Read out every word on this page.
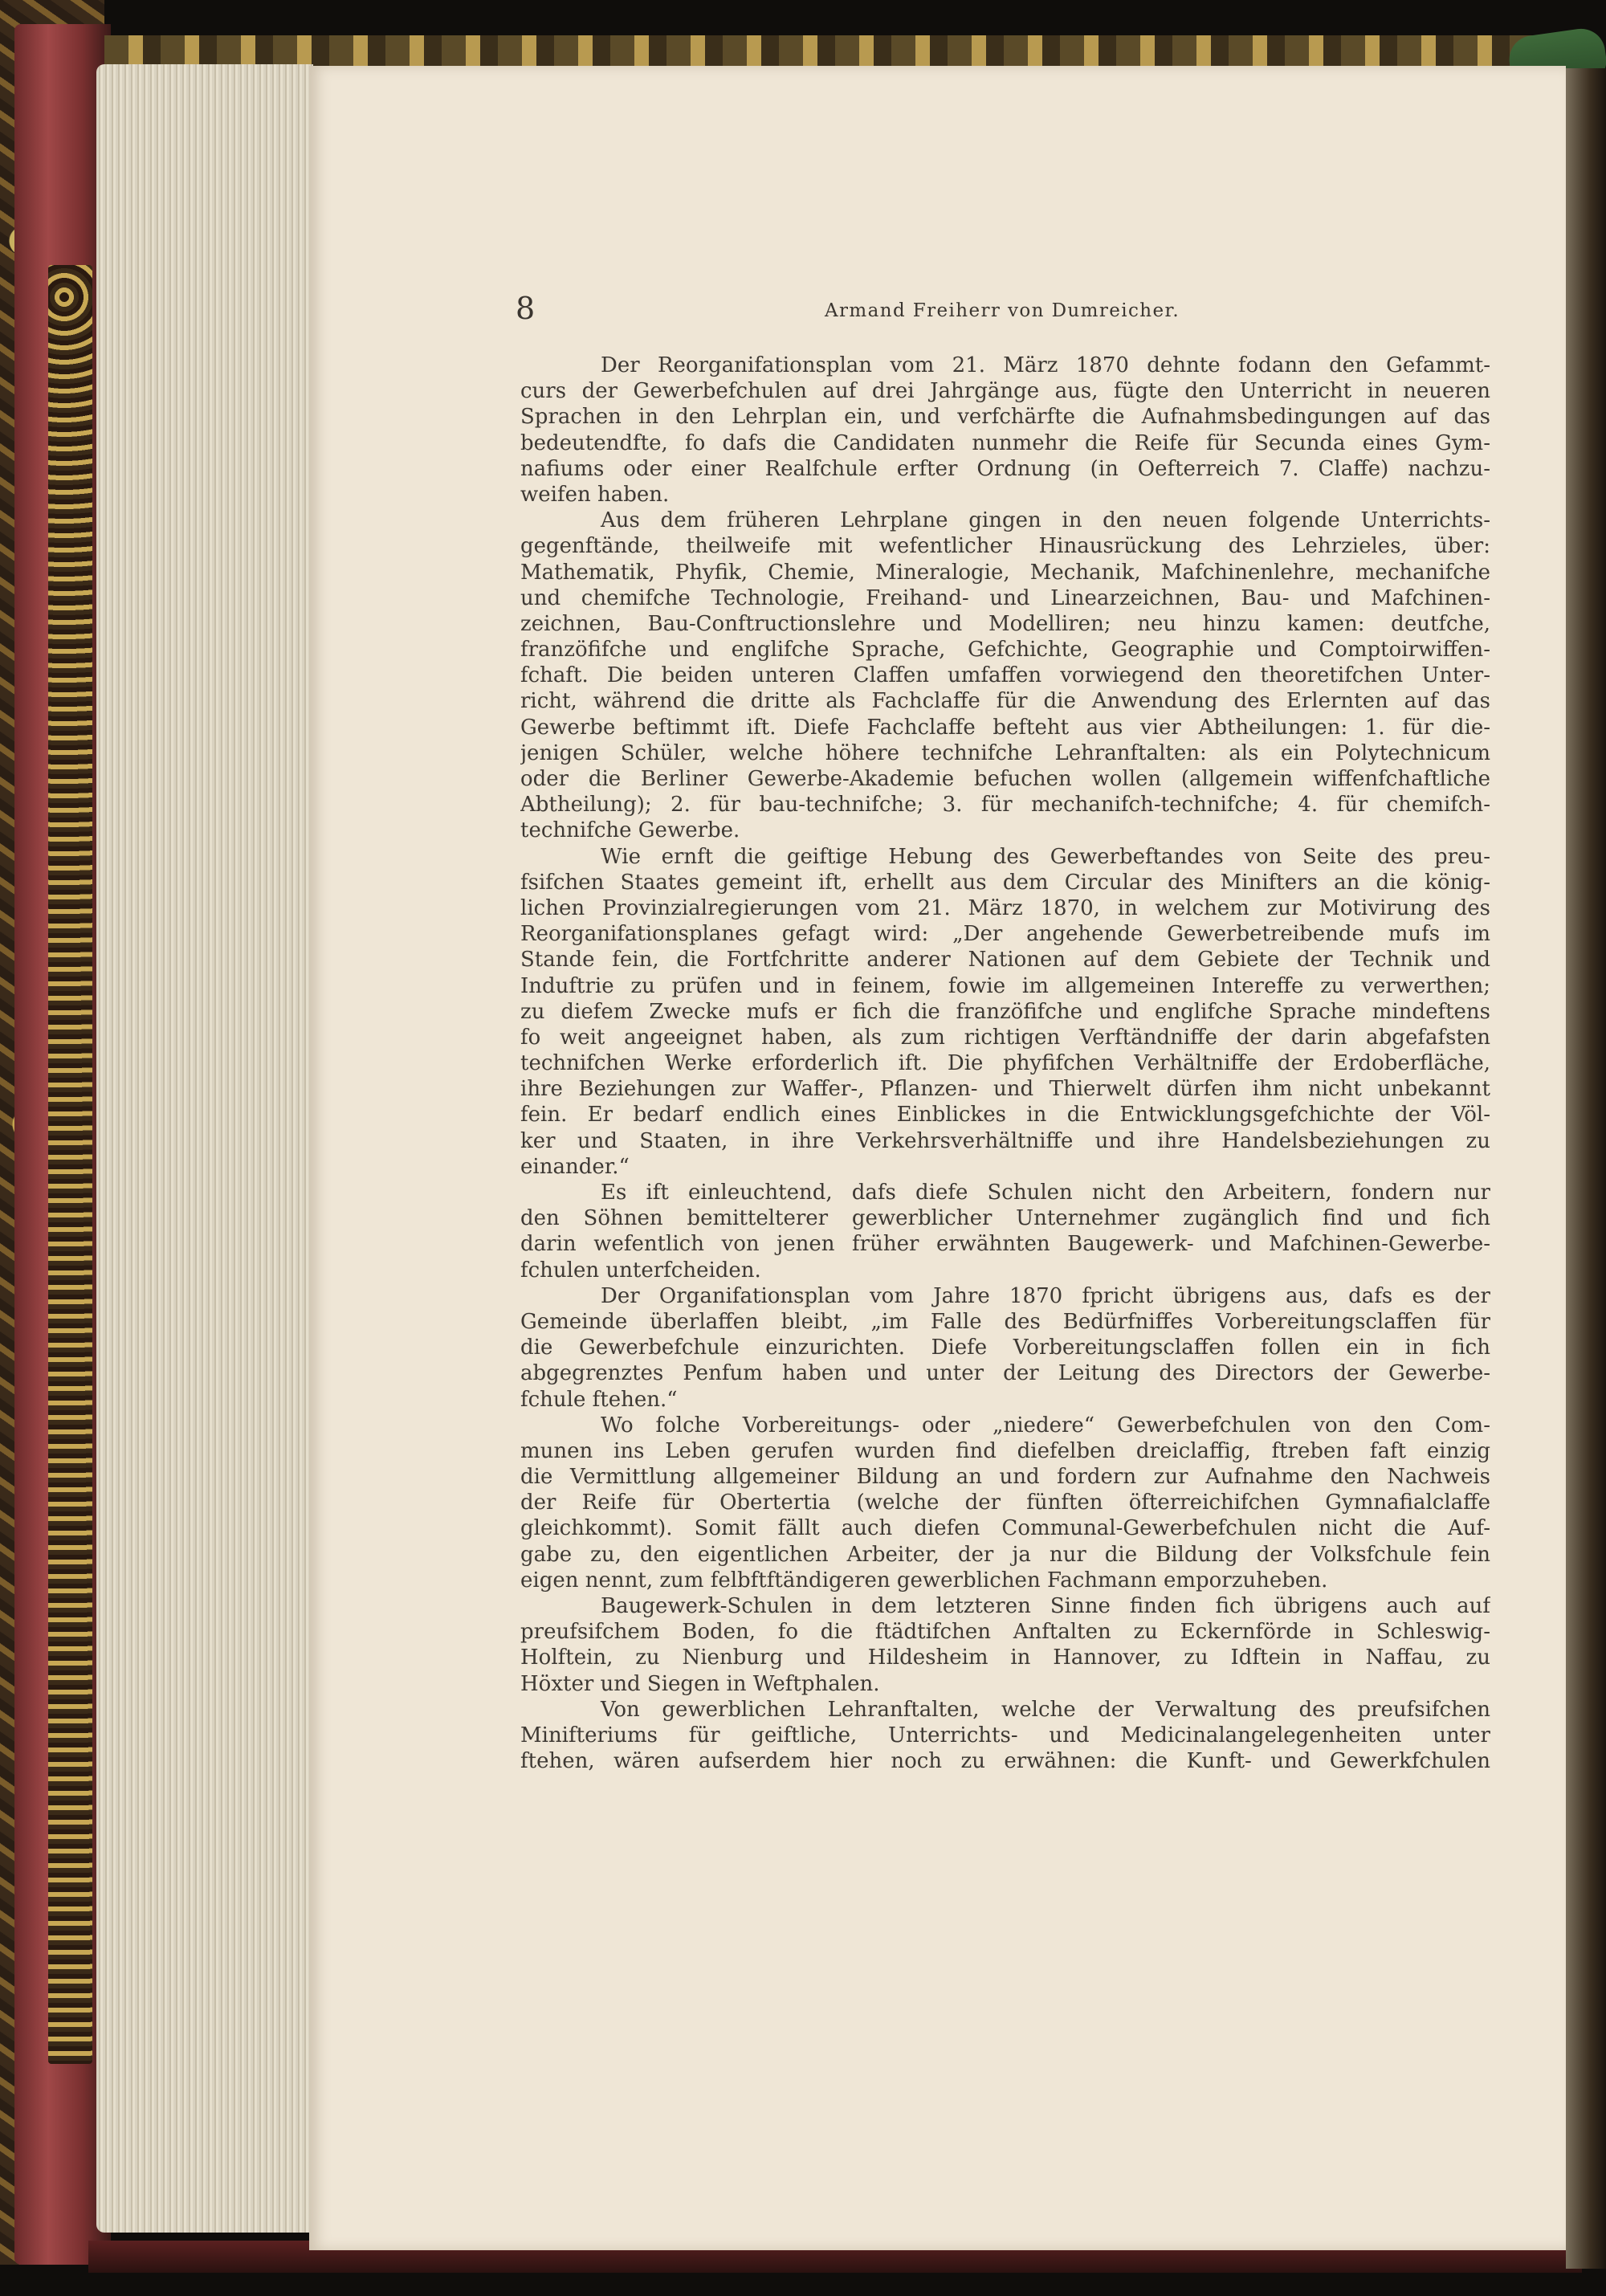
8	Armand Freiherr von Dumreicher.
Der Reorganifationsplan vom 21. März 1870 dehnte fodann den Gefammt-
curs der Gewerbefchulen auf drei Jahrgänge aus, fügte den Unterricht in neueren
Sprachen in den Lehrplan ein, und verfchärfte die Aufnahmsbedingungen auf das
bedeutendfte, fo dafs die Candidaten nunmehr die Reife für Secunda eines Gym-
nafiums oder einer Realfchule erfter Ordnung (in Oefterreich 7. Claffe) nachzu-
weifen haben.
Aus dem früheren Lehrplane gingen in den neuen folgende Unterrichts-
gegenftände, theilweife mit wefentlicher Hinausrückung des Lehrzieles, über:
Mathematik, Phyfik, Chemie, Mineralogie, Mechanik, Mafchinenlehre, mechanifche
und chemifche Technologie, Freihand- und Linearzeichnen, Bau- und Mafchinen-
zeichnen, Bau-Conftructionslehre und Modelliren; neu hinzu kamen: deutfche,
franzöfifche und englifche Sprache, Gefchichte, Geographie und Comptoirwiffen-
fchaft. Die beiden unteren Claffen umfaffen vorwiegend den theoretifchen Unter-
richt, während die dritte als Fachclaffe für die Anwendung des Erlernten auf das
Gewerbe beftimmt ift. Diefe Fachclaffe befteht aus vier Abtheilungen: 1. für die-
jenigen Schüler, welche höhere technifche Lehranftalten: als ein Polytechnicum
oder die Berliner Gewerbe-Akademie befuchen wollen (allgemein wiffenfchaftliche
Abtheilung); 2. für bau-technifche; 3. für mechanifch-technifche; 4. für chemifch-
technifche Gewerbe.
Wie ernft die geiftige Hebung des Gewerbeftandes von Seite des preu-
fsifchen Staates gemeint ift, erhellt aus dem Circular des Minifters an die könig-
lichen Provinzialregierungen vom 21. März 1870, in welchem zur Motivirung des
Reorganifationsplanes gefagt wird: „Der angehende Gewerbetreibende mufs im
Stande fein, die Fortfchritte anderer Nationen auf dem Gebiete der Technik und
Induftrie zu prüfen und in feinem, fowie im allgemeinen Intereffe zu verwerthen;
zu diefem Zwecke mufs er fich die franzöfifche und englifche Sprache mindeftens
fo weit angeeignet haben, als zum richtigen Verftändniffe der darin abgefafsten
technifchen Werke erforderlich ift. Die phyfifchen Verhältniffe der Erdoberfläche,
ihre Beziehungen zur Waffer-, Pflanzen- und Thierwelt dürfen ihm nicht unbekannt
fein. Er bedarf endlich eines Einblickes in die Entwicklungsgefchichte der Völ-
ker und Staaten, in ihre Verkehrsverhältniffe und ihre Handelsbeziehungen zu
einander.“
Es ift einleuchtend, dafs diefe Schulen nicht den Arbeitern, fondern nur
den Söhnen bemittelterer gewerblicher Unternehmer zugänglich find und fich
darin wefentlich von jenen früher erwähnten Baugewerk- und Mafchinen-Gewerbe-
fchulen unterfcheiden.
Der Organifationsplan vom Jahre 1870 fpricht übrigens aus, dafs es der
Gemeinde überlaffen bleibt, „im Falle des Bedürfniffes Vorbereitungsclaffen für
die Gewerbefchule einzurichten. Diefe Vorbereitungsclaffen follen ein in fich
abgegrenztes Penfum haben und unter der Leitung des Directors der Gewerbe-
fchule ftehen.“
Wo folche Vorbereitungs- oder „niedere“ Gewerbefchulen von den Com-
munen ins Leben gerufen wurden find diefelben dreiclaffig, ftreben faft einzig
die Vermittlung allgemeiner Bildung an und fordern zur Aufnahme den Nachweis
der Reife für Obertertia (welche der fünften öfterreichifchen Gymnafialclaffe
gleichkommt). Somit fällt auch diefen Communal-Gewerbefchulen nicht die Auf-
gabe zu, den eigentlichen Arbeiter, der ja nur die Bildung der Volksfchule fein
eigen nennt, zum felbftftändigeren gewerblichen Fachmann emporzuheben.
Baugewerk-Schulen in dem letzteren Sinne finden fich übrigens auch auf
preufsifchem Boden, fo die ftädtifchen Anftalten zu Eckernförde in Schleswig-
Holftein, zu Nienburg und Hildesheim in Hannover, zu Idftein in Naffau, zu
Höxter und Siegen in Weftphalen.
Von gewerblichen Lehranftalten, welche der Verwaltung des preufsifchen
Minifteriums für geiftliche, Unterrichts- und Medicinalangelegenheiten unter
ftehen, wären aufserdem hier noch zu erwähnen: die Kunft- und Gewerkfchulen
